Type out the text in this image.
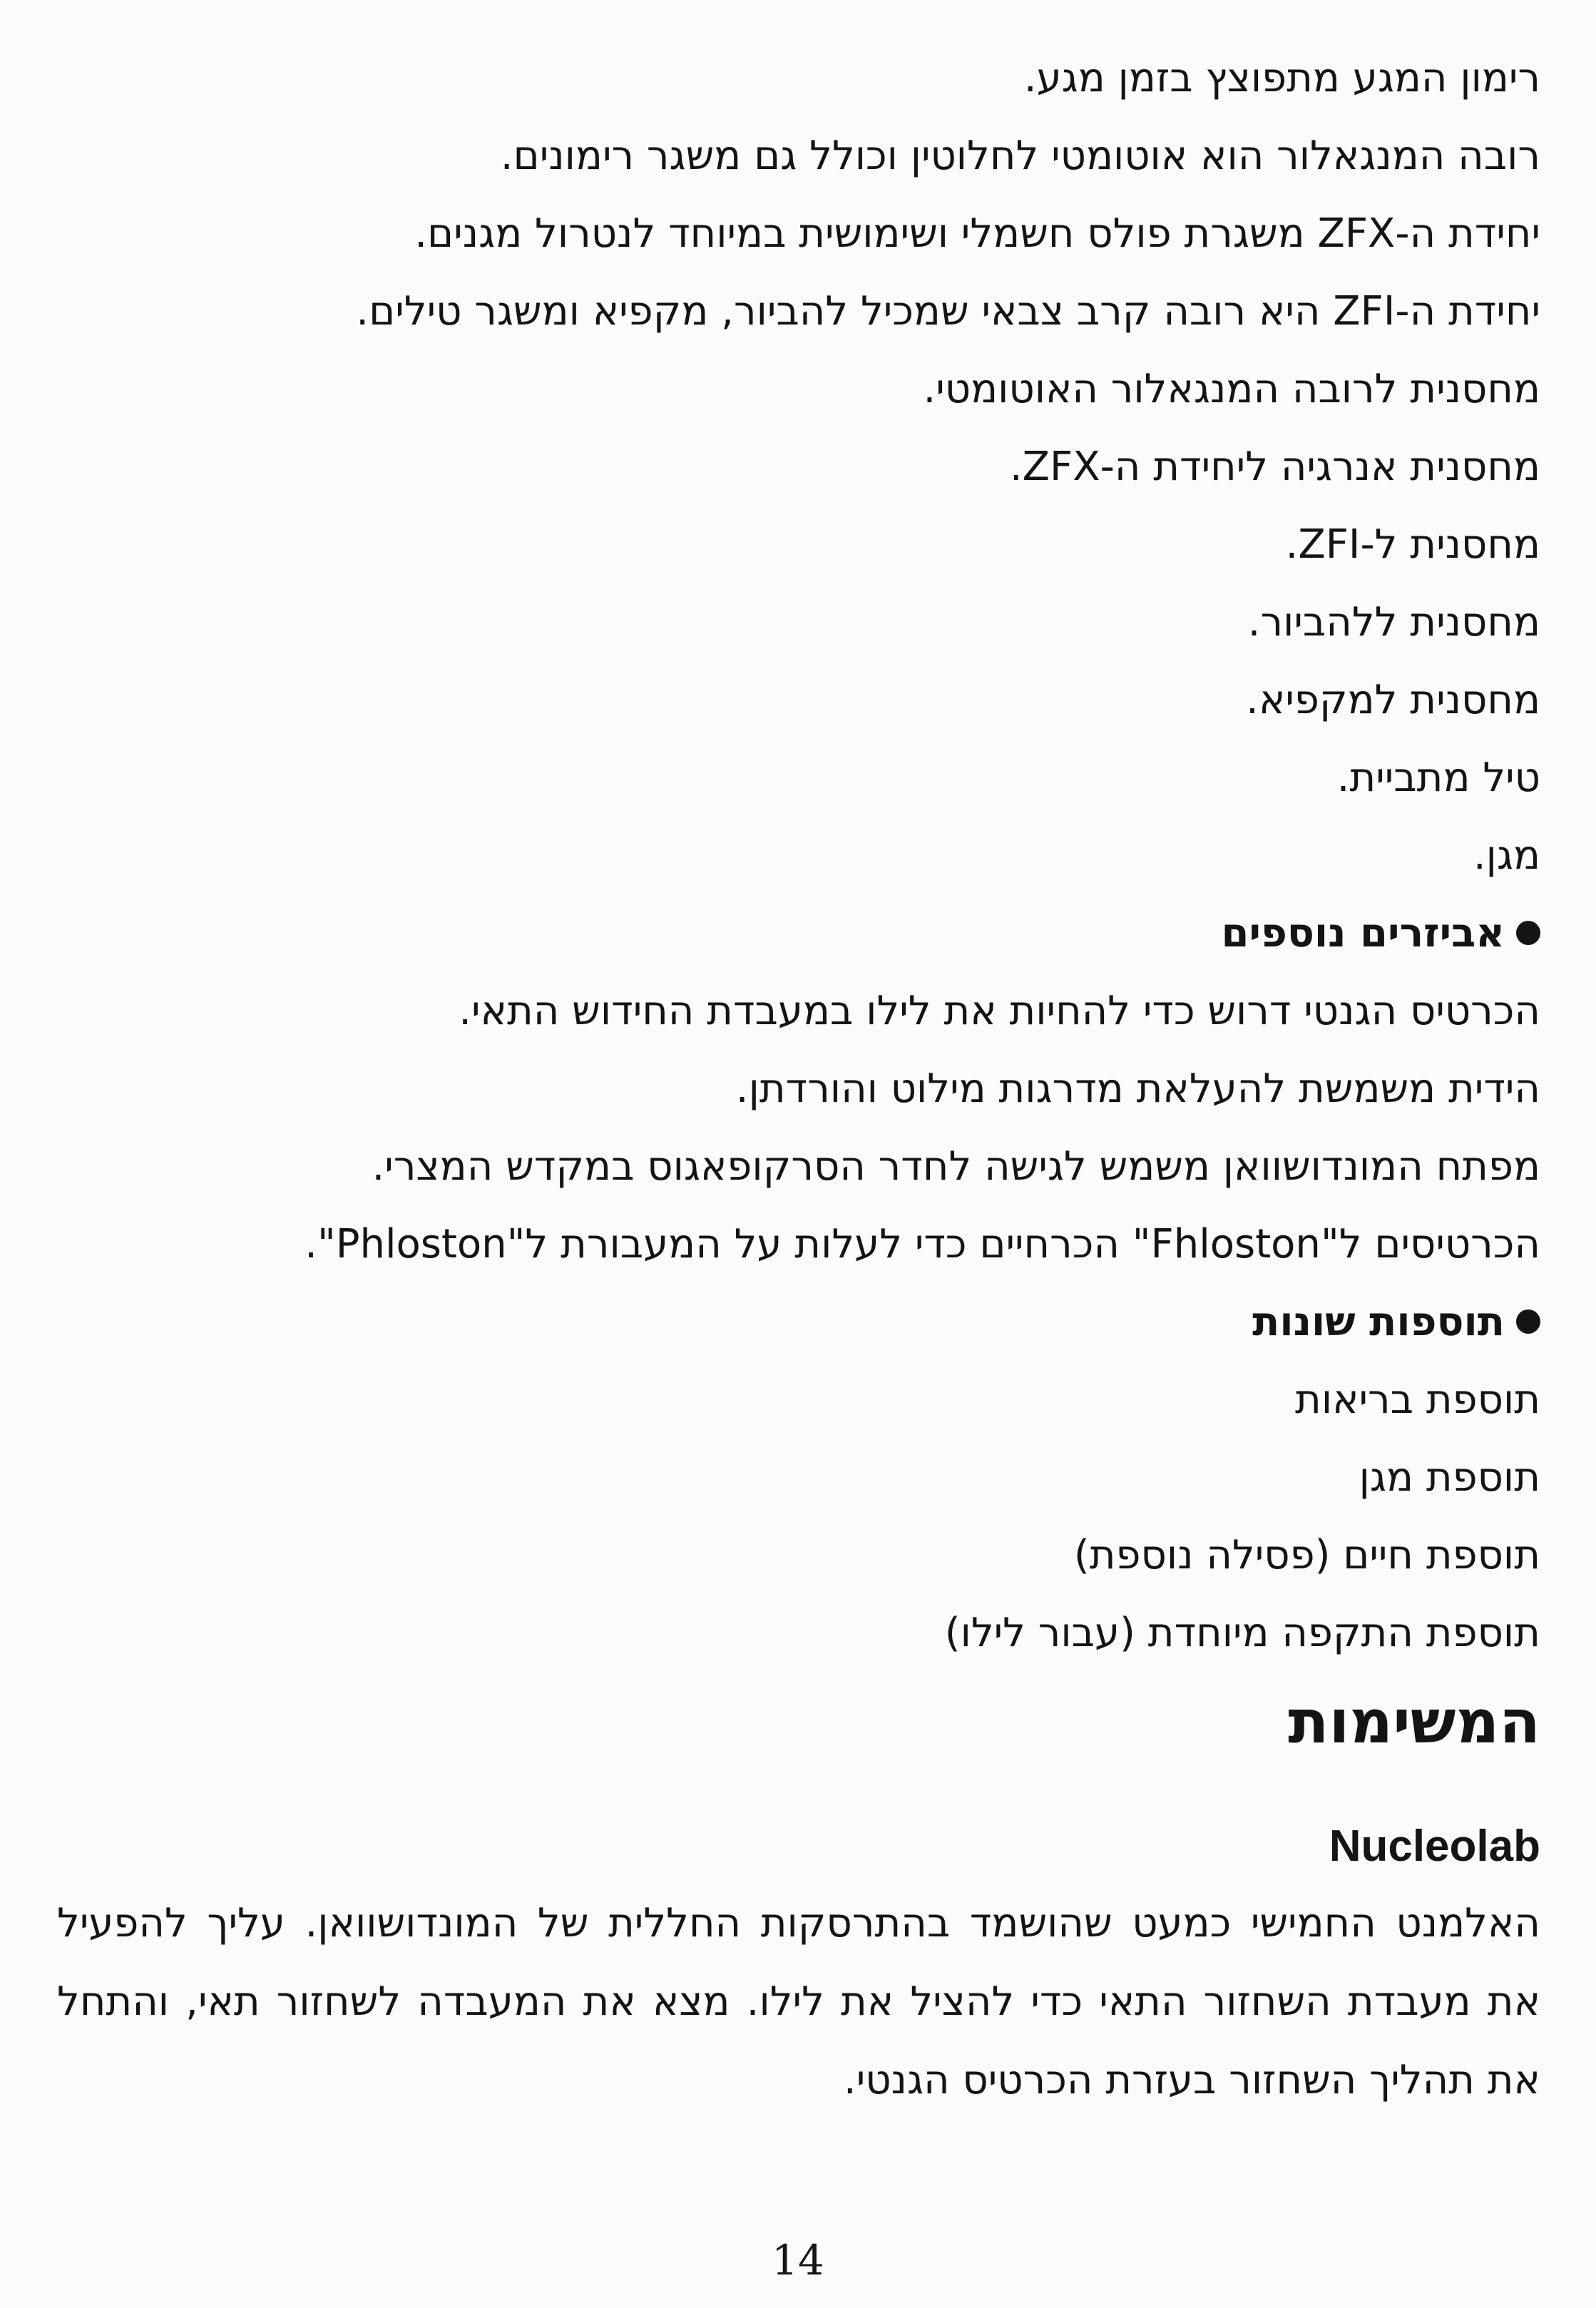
רימון המגע מתפוצץ בזמן מגע.
רובה המנגאלור הוא אוטומטי לחלוטין וכולל גם משגר רימונים.
יחידת ה-ZFX משגרת פולס חשמלי ושימושית במיוחד לנטרול מגנים.
יחידת ה-ZFI היא רובה קרב צבאי שמכיל להביור, מקפיא ומשגר טילים.
מחסנית לרובה המנגאלור האוטומטי.
מחסנית אנרגיה ליחידת ה-ZFX.
מחסנית ל-ZFI.
מחסנית ללהביור.
מחסנית למקפיא.
טיל מתביית.
מגן.
אביזרים נוספים
הכרטיס הגנטי דרוש כדי להחיות את לילו במעבדת החידוש התאי.
הידית משמשת להעלאת מדרגות מילוט והורדתן.
מפתח המונדושוואן משמש לגישה לחדר הסרקופאגוס במקדש המצרי.
הכרטיסים ל"Fhloston" הכרחיים כדי לעלות על המעבורת ל"Phloston".
תוספות שונות
תוספת בריאות
תוספת מגן
תוספת חיים (פסילה נוספת)
תוספת התקפה מיוחדת (עבור לילו)
המשימות
Nucleolab
האלמנט החמישי כמעט שהושמד בהתרסקות החללית של המונדושוואן. עליך להפעיל את מעבדת השחזור התאי כדי להציל את לילו. מצא את המעבדה לשחזור תאי, והתחל את תהליך השחזור בעזרת הכרטיס הגנטי.
14
